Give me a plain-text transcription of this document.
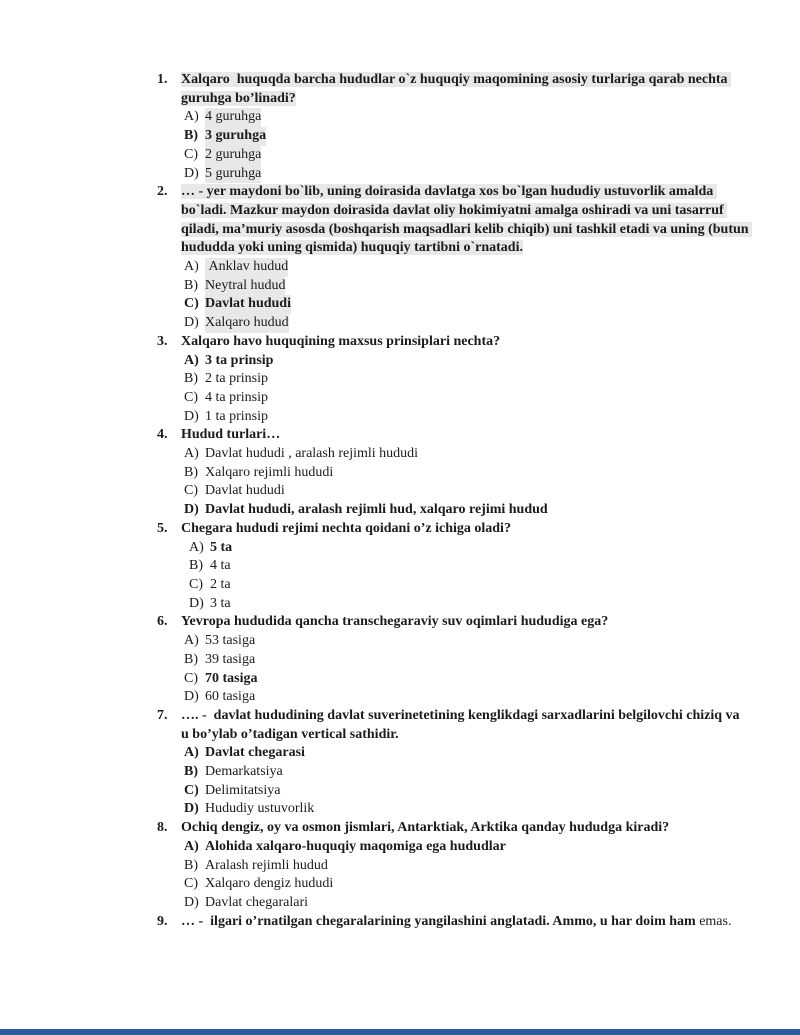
1. Xalqaro  huquqda barcha hududlar o`z huquqiy maqomining asosiy turlariga qarab nechta guruhga bo’linadi?
A) 4 guruhga
B) 3 guruhga
C) 2 guruhga
D) 5 guruhga
2. … - yer maydoni bo`lib, uning doirasida davlatga xos bo`lgan hududiy ustuvorlik amalda bo`ladi. Mazkur maydon doirasida davlat oliy hokimiyatni amalga oshiradi va uni tasarruf qiladi, ma’muriy asosda (boshqarish maqsadlari kelib chiqib) uni tashkil etadi va uning (butun hududda yoki uning qismida) huquqiy tartibni o`rnatadi.
A) Anklav hudud
B) Neytral hudud
C) Davlat hududi
D) Xalqaro hudud
3. Xalqaro havo huquqining maxsus prinsiplari nechta?
A) 3 ta prinsip
B) 2 ta prinsip
C) 4 ta prinsip
D) 1 ta prinsip
4. Hudud turlari…
A) Davlat hududi , aralash rejimli hududi
B) Xalqaro rejimli hududi
C) Davlat hududi
D) Davlat hududi, aralash rejimli hud, xalqaro rejimi hudud
5. Chegara hududi rejimi nechta qoidani o’z ichiga oladi?
A) 5 ta
B) 4 ta
C) 2 ta
D) 3 ta
6. Yevropa hududida qancha transchegaraviy suv oqimlari hududiga ega?
A) 53 tasiga
B) 39 tasiga
C) 70 tasiga
D) 60 tasiga
7. …. -  davlat hududining davlat suverinetetining kenglikdagi sarxadlarini belgilovchi chiziq va u bo’ylab o’tadigan vertical sathidir.
A) Davlat chegarasi
B) Demarkatsiya
C) Delimitatsiya
D) Hududiy ustuvorlik
8. Ochiq dengiz, oy va osmon jismlari, Antarktiak, Arktika qanday hududga kiradi?
A) Alohida xalqaro-huquqiy maqomiga ega hududlar
B) Aralash rejimli hudud
C) Xalqaro dengiz hududi
D) Davlat chegaralari
9. … -  ilgari o’rnatilgan chegaralarining yangilashini anglatadi. Ammo, u har doim ham emas.
